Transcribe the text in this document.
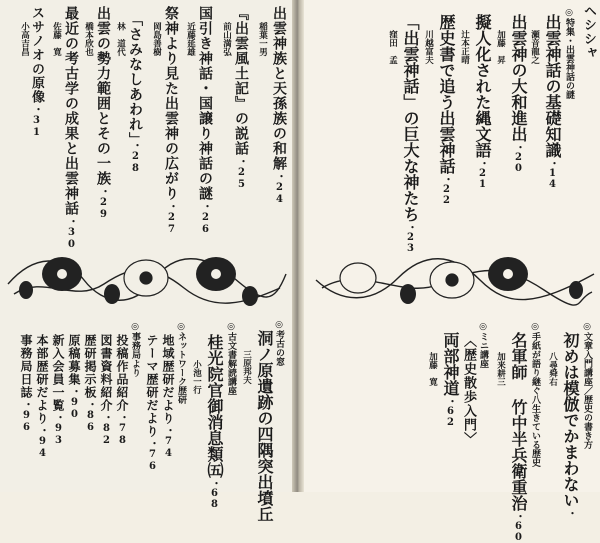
出雲神族と天孫族の和解・24
稲葉一男
『出雲風土記』の説話・25
前山満弘
国引き神話・国譲り神話の謎・26
近藤延雄
祭神より見た出雲神の広がり・27
岡島善樹
「さみなしあわれ」・28
林　道代
出雲の勢力範囲とその一族・29
橋本欣也
最近の考古学の成果と出雲神話・30
佐藤　寛
スサノオの原像・31
小高吉昌
◎考古の窓
洞ノ原遺跡の四隅突出墳丘
三原邦夫
◎古文書解読講座
桂光院官御消息類㈤・68
小池一行
◎ネットワーク歴研
地域歴研だより・74
テーマ歴研だより・76
◎事務局より
投稿作品紹介・78
図書資料紹介・82
歴研掲示板・86
原稿募集・90
新入会員一覧・93
本部歴研だより・94
事務局日誌・96
ヘシシャ
◎特集・出雲神話の謎
出雲神話の基礎知識・14
瀬音龍之
出雲神の大和進出・20
加藤　昇
擬人化された縄文語・21
辻本正晴
歴史書で追う出雲神話・22
川越富夫
「出雲神話」の巨大な神たち・23
窪田　孟
◎文章入門講座／歴史の書き方
初めは模倣でかまわない・
八尋舜右
◎手紙が語り継ぐ八生きている歴史
名軍師 竹中半兵衛重治・60
加来耕三
◎ミニ講座
〈歴史散歩入門〉
両部神道・62
加藤　寛
